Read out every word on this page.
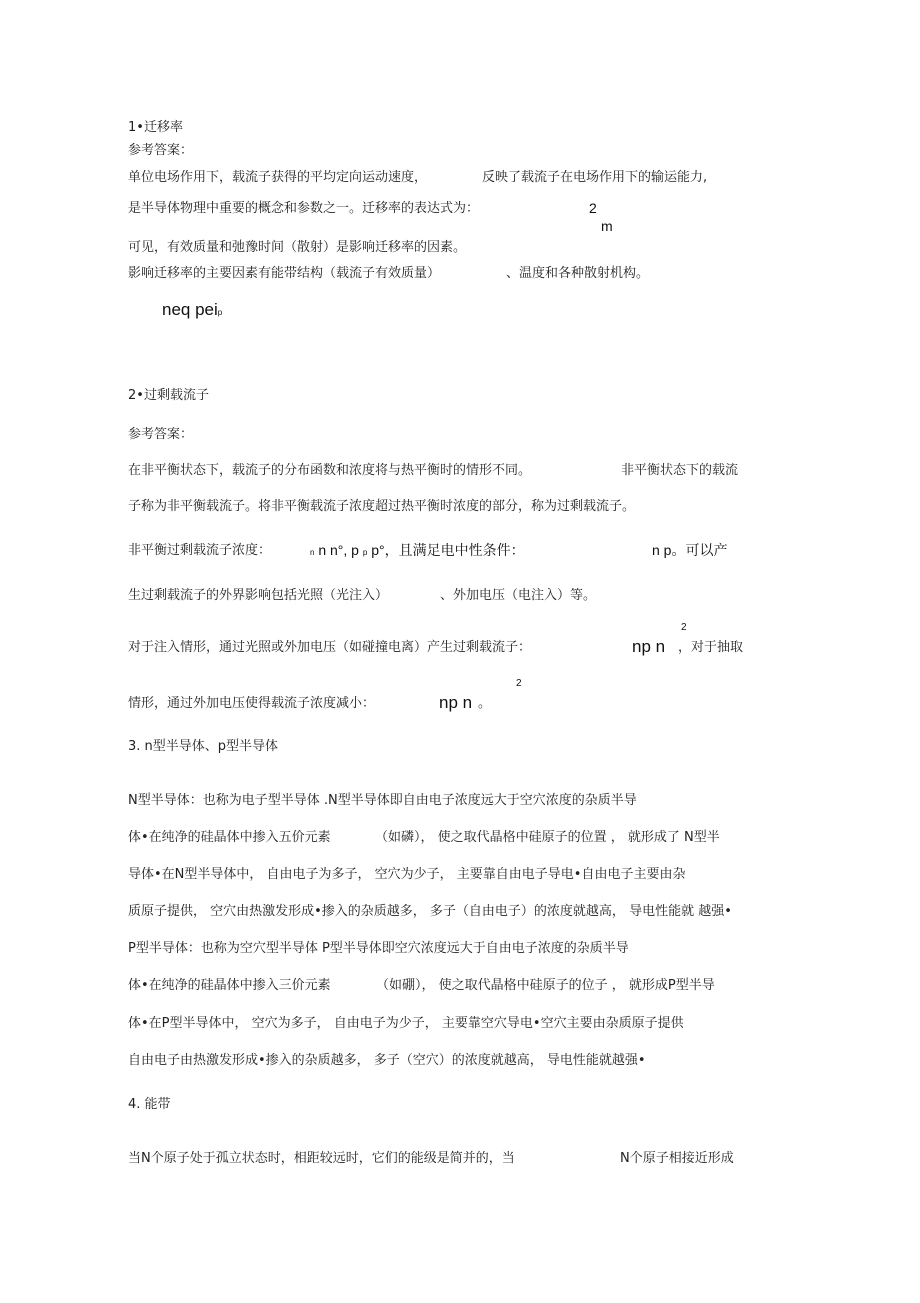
1•迁移率
参考答案：
单位电场作用下，载流子获得的平均定向运动速度，	反映了载流子在电场作用下的输运能力,
是半导体物理中重要的概念和参数之一。迁移率的表达式为：	2
m
可见，有效质量和弛豫时间（散射）是影响迁移率的因素。
影响迁移率的主要因素有能带结构（载流子有效质量）	、温度和各种散射机构。
neq peip
2•过剩载流子
参考答案：
在非平衡状态下，载流子的分布函数和浓度将与热平衡时的情形不同。	非平衡状态下的载流
子称为非平衡载流子。将非平衡载流子浓度超过热平衡时浓度的部分，称为过剩载流子。
非平衡过剩载流子浓度：	n n n°, p p p°，且满足电中性条件：	n p。可以产
生过剩载流子的外界影响包括光照（光注入）	、外加电压（电注入）等。
2
对于注入情形，通过光照或外加电压（如碰撞电离）产生过剩载流子：	np n ，对于抽取
2
情形，通过外加电压使得载流子浓度减小：	np n 。
3. n型半导体、p型半导体
N型半导体：也称为电子型半导体 .N型半导体即自由电子浓度远大于空穴浓度的杂质半导
体•在纯净的硅晶体中掺入五价元素	（如磷）， 使之取代晶格中硅原子的位置 ， 就形成了 N型半
导体•在N型半导体中， 自由电子为多子， 空穴为少子， 主要靠自由电子导电•自由电子主要由杂
质原子提供， 空穴由热激发形成•掺入的杂质越多， 多子（自由电子）的浓度就越高， 导电性能就 越强•
P型半导体：也称为空穴型半导体 P型半导体即空穴浓度远大于自由电子浓度的杂质半导
体•在纯净的硅晶体中掺入三价元素	（如硼）， 使之取代晶格中硅原子的位子 ， 就形成P型半导
体•在P型半导体中， 空穴为多子， 自由电子为少子， 主要靠空穴导电•空穴主要由杂质原子提供
自由电子由热激发形成•掺入的杂质越多， 多子（空穴）的浓度就越高， 导电性能就越强•
4. 能带
当N个原子处于孤立状态时，相距较远时，它们的能级是简并的，当	N个原子相接近形成
